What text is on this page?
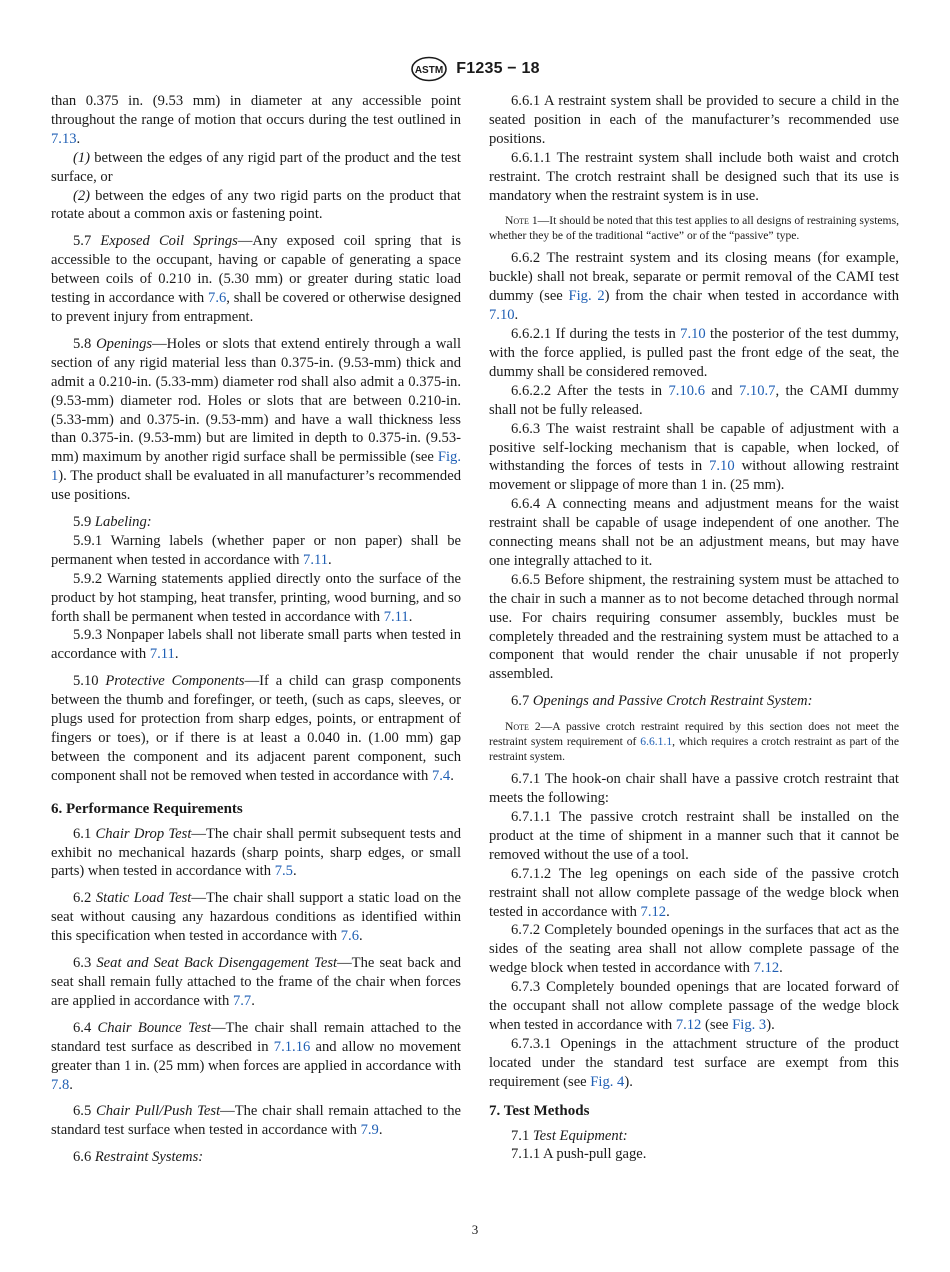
ASTM F1235 − 18

than 0.375 in. (9.53 mm) in diameter at any accessible point throughout the range of motion that occurs during the test outlined in 7.13.

(1) between the edges of any rigid part of the product and the test surface, or

(2) between the edges of any two rigid parts on the product that rotate about a common axis or fastening point.

5.7 Exposed Coil Springs—Any exposed coil spring that is accessible to the occupant, having or capable of generating a space between coils of 0.210 in. (5.30 mm) or greater during static load testing in accordance with 7.6, shall be covered or otherwise designed to prevent injury from entrapment.

5.8 Openings—Holes or slots that extend entirely through a wall section of any rigid material less than 0.375-in. (9.53-mm) thick and admit a 0.210-in. (5.33-mm) diameter rod shall also admit a 0.375-in. (9.53-mm) diameter rod. Holes or slots that are between 0.210-in. (5.33-mm) and 0.375-in. (9.53-mm) and have a wall thickness less than 0.375-in. (9.53-mm) but are limited in depth to 0.375-in. (9.53-mm) maximum by another rigid surface shall be permissible (see Fig. 1). The product shall be evaluated in all manufacturer’s recommended use positions.

5.9 Labeling:

5.9.1 Warning labels (whether paper or non paper) shall be permanent when tested in accordance with 7.11.

5.9.2 Warning statements applied directly onto the surface of the product by hot stamping, heat transfer, printing, wood burning, and so forth shall be permanent when tested in accordance with 7.11.

5.9.3 Nonpaper labels shall not liberate small parts when tested in accordance with 7.11.

5.10 Protective Components—If a child can grasp components between the thumb and forefinger, or teeth, (such as caps, sleeves, or plugs used for protection from sharp edges, points, or entrapment of fingers or toes), or if there is at least a 0.040 in. (1.00 mm) gap between the component and its adjacent parent component, such component shall not be removed when tested in accordance with 7.4.

6. Performance Requirements

6.1 Chair Drop Test—The chair shall permit subsequent tests and exhibit no mechanical hazards (sharp points, sharp edges, or small parts) when tested in accordance with 7.5.

6.2 Static Load Test—The chair shall support a static load on the seat without causing any hazardous conditions as identified within this specification when tested in accordance with 7.6.

6.3 Seat and Seat Back Disengagement Test—The seat back and seat shall remain fully attached to the frame of the chair when forces are applied in accordance with 7.7.

6.4 Chair Bounce Test—The chair shall remain attached to the standard test surface as described in 7.1.16 and allow no movement greater than 1 in. (25 mm) when forces are applied in accordance with 7.8.

6.5 Chair Pull/Push Test—The chair shall remain attached to the standard test surface when tested in accordance with 7.9.

6.6 Restraint Systems:

6.6.1 A restraint system shall be provided to secure a child in the seated position in each of the manufacturer’s recommended use positions.

6.6.1.1 The restraint system shall include both waist and crotch restraint. The crotch restraint shall be designed such that its use is mandatory when the restraint system is in use.

Note 1—It should be noted that this test applies to all designs of restraining systems, whether they be of the traditional “active” or of the “passive” type.

6.6.2 The restraint system and its closing means (for example, buckle) shall not break, separate or permit removal of the CAMI test dummy (see Fig. 2) from the chair when tested in accordance with 7.10.

6.6.2.1 If during the tests in 7.10 the posterior of the test dummy, with the force applied, is pulled past the front edge of the seat, the dummy shall be considered removed.

6.6.2.2 After the tests in 7.10.6 and 7.10.7, the CAMI dummy shall not be fully released.

6.6.3 The waist restraint shall be capable of adjustment with a positive self-locking mechanism that is capable, when locked, of withstanding the forces of tests in 7.10 without allowing restraint movement or slippage of more than 1 in. (25 mm).

6.6.4 A connecting means and adjustment means for the waist restraint shall be capable of usage independent of one another. The connecting means shall not be an adjustment means, but may have one integrally attached to it.

6.6.5 Before shipment, the restraining system must be attached to the chair in such a manner as to not become detached through normal use. For chairs requiring consumer assembly, buckles must be completely threaded and the restraining system must be attached to a component that would render the chair unusable if not properly assembled.

6.7 Openings and Passive Crotch Restraint System:

Note 2—A passive crotch restraint required by this section does not meet the restraint system requirement of 6.6.1.1, which requires a crotch restraint as part of the restraint system.

6.7.1 The hook-on chair shall have a passive crotch restraint that meets the following:

6.7.1.1 The passive crotch restraint shall be installed on the product at the time of shipment in a manner such that it cannot be removed without the use of a tool.

6.7.1.2 The leg openings on each side of the passive crotch restraint shall not allow complete passage of the wedge block when tested in accordance with 7.12.

6.7.2 Completely bounded openings in the surfaces that act as the sides of the seating area shall not allow complete passage of the wedge block when tested in accordance with 7.12.

6.7.3 Completely bounded openings that are located forward of the occupant shall not allow complete passage of the wedge block when tested in accordance with 7.12 (see Fig. 3).

6.7.3.1 Openings in the attachment structure of the product located under the standard test surface are exempt from this requirement (see Fig. 4).

7. Test Methods

7.1 Test Equipment:

7.1.1 A push-pull gage.

3
